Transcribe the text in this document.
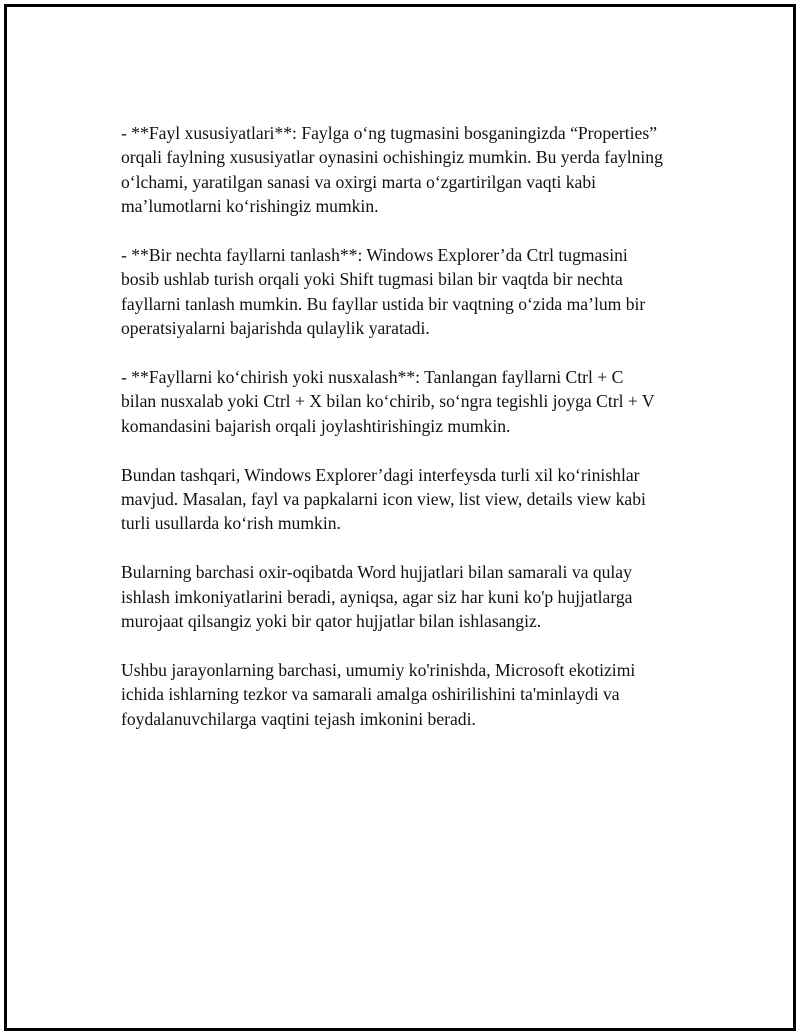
- **Fayl xususiyatlari**: Faylga oʻng tugmasini bosganingizda “Properties”
orqali faylning xususiyatlar oynasini ochishingiz mumkin. Bu yerda faylning
oʻlchami, yaratilgan sanasi va oxirgi marta oʻzgartirilgan vaqti kabi
maʼlumotlarni koʻrishingiz mumkin.

- **Bir nechta fayllarni tanlash**: Windows Explorer’da Ctrl tugmasini
bosib ushlab turish orqali yoki Shift tugmasi bilan bir vaqtda bir nechta
fayllarni tanlash mumkin. Bu fayllar ustida bir vaqtning oʻzida maʼlum bir
operatsiyalarni bajarishda qulaylik yaratadi.

- **Fayllarni koʻchirish yoki nusxalash**: Tanlangan fayllarni Ctrl + C
bilan nusxalab yoki Ctrl + X bilan koʻchirib, soʻngra tegishli joyga Ctrl + V
komandasini bajarish orqali joylashtirishingiz mumkin.

Bundan tashqari, Windows Explorer’dagi interfeysda turli xil koʻrinishlar
mavjud. Masalan, fayl va papkalarni icon view, list view, details view kabi
turli usullarda koʻrish mumkin.

Bularning barchasi oxir-oqibatda Word hujjatlari bilan samarali va qulay
ishlash imkoniyatlarini beradi, ayniqsa, agar siz har kuni ko'p hujjatlarga
murojaat qilsangiz yoki bir qator hujjatlar bilan ishlasangiz.

Ushbu jarayonlarning barchasi, umumiy ko'rinishda, Microsoft ekotizimi
ichida ishlarning tezkor va samarali amalga oshirilishini ta'minlaydi va
foydalanuvchilarga vaqtini tejash imkonini beradi.
